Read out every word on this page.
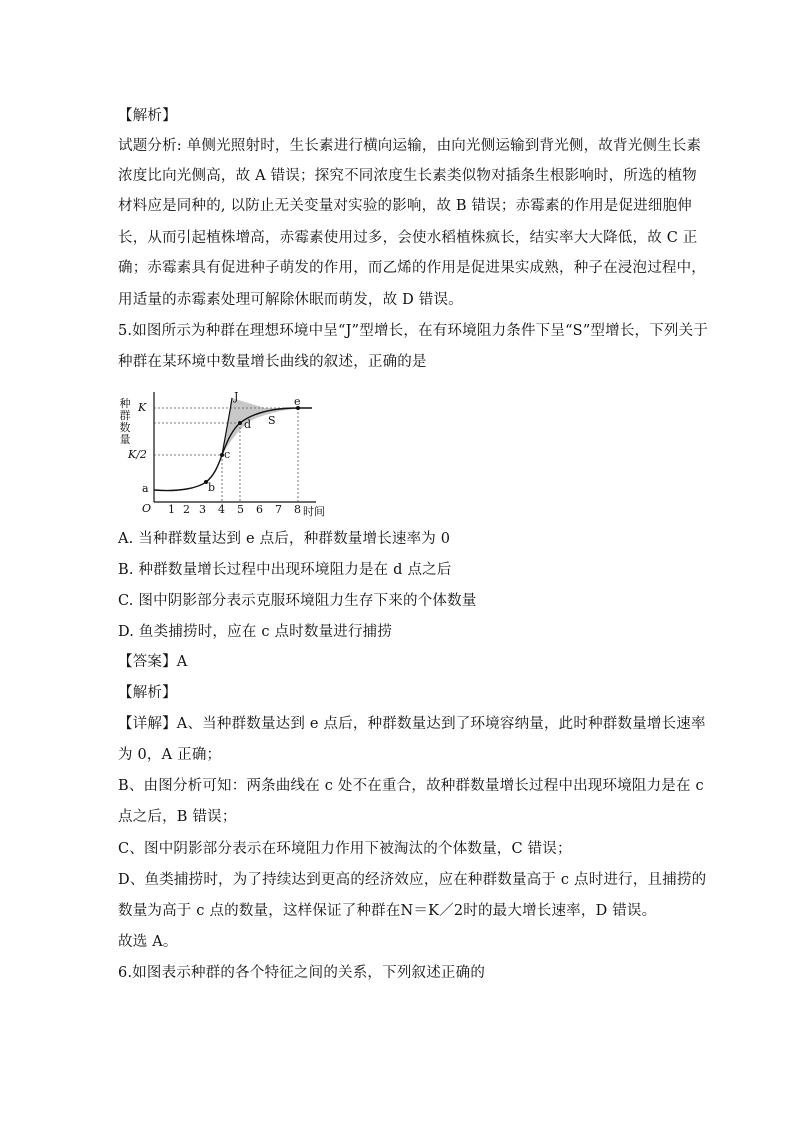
【解析】
试题分析: 单侧光照射时，生长素进行横向运输，由向光侧运输到背光侧，故背光侧生长素
浓度比向光侧高，故 A 错误；探究不同浓度生长素类似物对插条生根影响时，所选的植物
材料应是同种的, 以防止无关变量对实验的影响，故 B 错误；赤霉素的作用是促进细胞伸
长，从而引起植株增高，赤霉素使用过多，会使水稻植株疯长，结实率大大降低，故 C 正
确；赤霉素具有促进种子萌发的作用，而乙烯的作用是促进果实成熟，种子在浸泡过程中，
用适量的赤霉素处理可解除休眠而萌发，故 D 错误。
5.如图所示为种群在理想环境中呈“J”型增长，在有环境阻力条件下呈“S”型增长，下列关于
种群在某环境中数量增长曲线的叙述，正确的是
种
群
数
量
K
K/2
O
a	b
c
d
e
J
S
1 2 3 4 5 6 7 8 时间
A. 当种群数量达到 e 点后，种群数量增长速率为 0
B. 种群数量增长过程中出现环境阻力是在 d 点之后
C. 图中阴影部分表示克服环境阻力生存下来的个体数量
D. 鱼类捕捞时，应在 c 点时数量进行捕捞
【答案】A
【解析】
【详解】A、当种群数量达到 e 点后，种群数量达到了环境容纳量，此时种群数量增长速率
为 0，A 正确；
B、由图分析可知：两条曲线在 c 处不在重合，故种群数量增长过程中出现环境阻力是在 c
点之后，B 错误；
C、图中阴影部分表示在环境阻力作用下被淘汰的个体数量，C 错误；
D、鱼类捕捞时，为了持续达到更高的经济效应，应在种群数量高于 c 点时进行，且捕捞的
数量为高于 c 点的数量，这样保证了种群在N＝K／2时的最大增长速率，D 错误。
故选 A。
6.如图表示种群的各个特征之间的关系，下列叙述正确的
